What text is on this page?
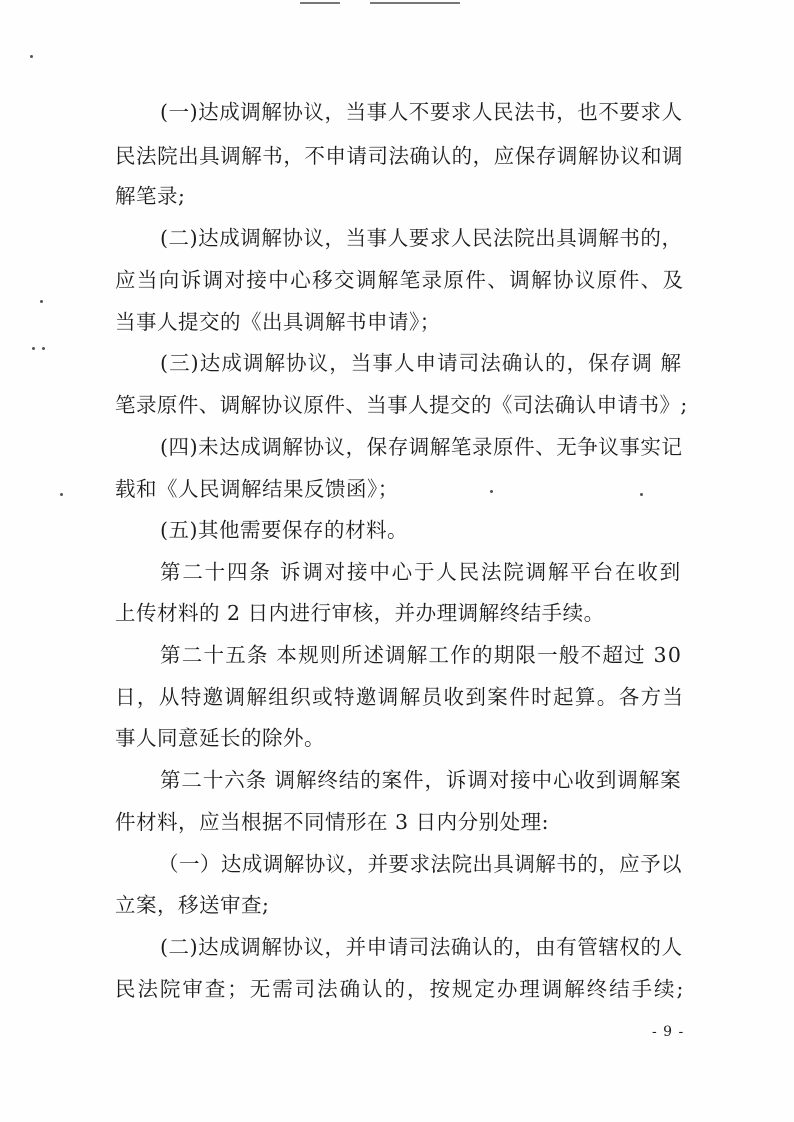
(一)达成调解协议，当事人不要求人民法书，也不要求人
民法院出具调解书，不申请司法确认的，应保存调解协议和调
解笔录;
(二)达成调解协议，当事人要求人民法院出具调解书的，
应当向诉调对接中心移交调解笔录原件、调解协议原件、及
当事人提交的《出具调解书申请》；
(三)达成调解协议，当事人申请司法确认的，保存调 解
笔录原件、调解协议原件、当事人提交的《司法确认申请书》;
(四)未达成调解协议，保存调解笔录原件、无争议事实记
载和《人民调解结果反馈函》；
(五)其他需要保存的材料。
第二十四条 诉调对接中心于人民法院调解平台在收到
上传材料的 2 日内进行审核，并办理调解终结手续。
第二十五条 本规则所述调解工作的期限一般不超过 30
日，从特邀调解组织或特邀调解员收到案件时起算。各方当
事人同意延长的除外。
第二十六条 调解终结的案件，诉调对接中心收到调解案
件材料，应当根据不同情形在 3 日内分别处理:
（一）达成调解协议，并要求法院出具调解书的，应予以
立案，移送审查;
(二)达成调解协议，并申请司法确认的，由有管辖权的人
民法院审查；无需司法确认的，按规定办理调解终结手续;
- 9 -
